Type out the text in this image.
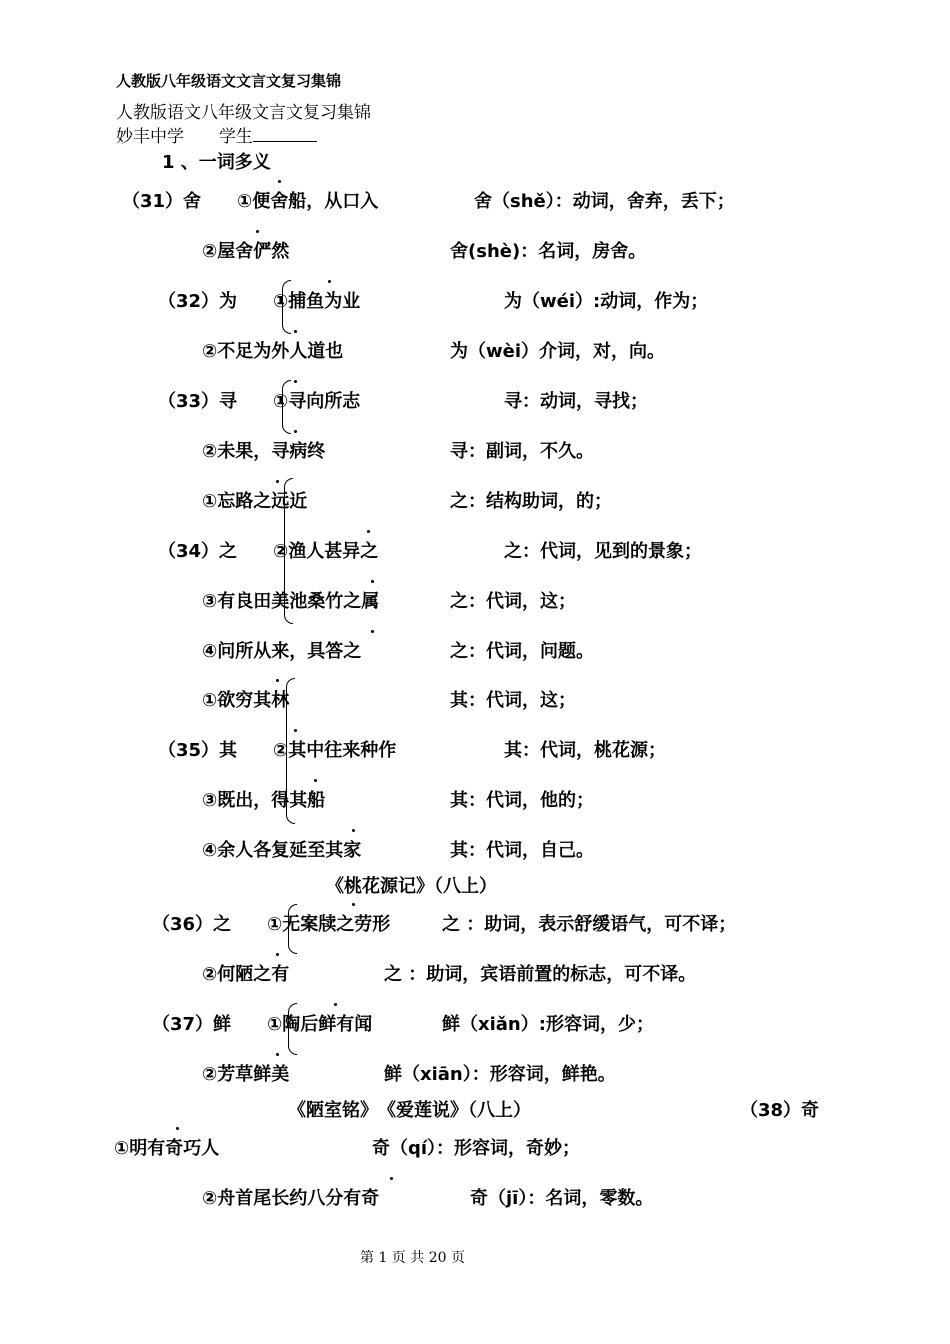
人教版八年级语文文言文复习集锦
人教版语文八年级文言文复习集锦
妙丰中学 学生
1 、一词多义
（31）舍　　①便舍船，从口入	舍（shě）：动词，舍弃，丢下；
②屋舍俨然	舍(shè)：名词，房舍。
（32）为　　①捕鱼为业	为（wéi）:动词，作为；
②不足为外人道也	为（wèi）介词，对，向。
（33）寻　　①寻向所志	寻：动词，寻找；
②未果，寻病终	寻：副词，不久。
①忘路之远近	之：结构助词，的；
（34）之　　②渔人甚异之	之：代词，见到的景象；
③有良田美池桑竹之属	之：代词，这；
④问所从来，具答之	之：代词，问题。
①欲穷其林	其：代词，这；
（35）其　　②其中往来种作	其：代词，桃花源；
③既出，得其船	其：代词，他的；
④余人各复延至其家	其：代词，自己。
《桃花源记》（八上）
（36）之　　①无案牍之劳形	之 ：助词，表示舒缓语气，可不译；
②何陋之有	之 ：助词，宾语前置的标志，可不译。
（37）鲜　　①陶后鲜有闻	鲜（xiǎn）:形容词，少；
②芳草鲜美	鲜（xiān）：形容词，鲜艳。
《陋室铭》　《爱莲说》（八上）	（38）奇
①明有奇巧人	奇（qí）：形容词，奇妙；
②舟首尾长约八分有奇	奇（jī）：名词，零数。
第 1 页 共 20 页
